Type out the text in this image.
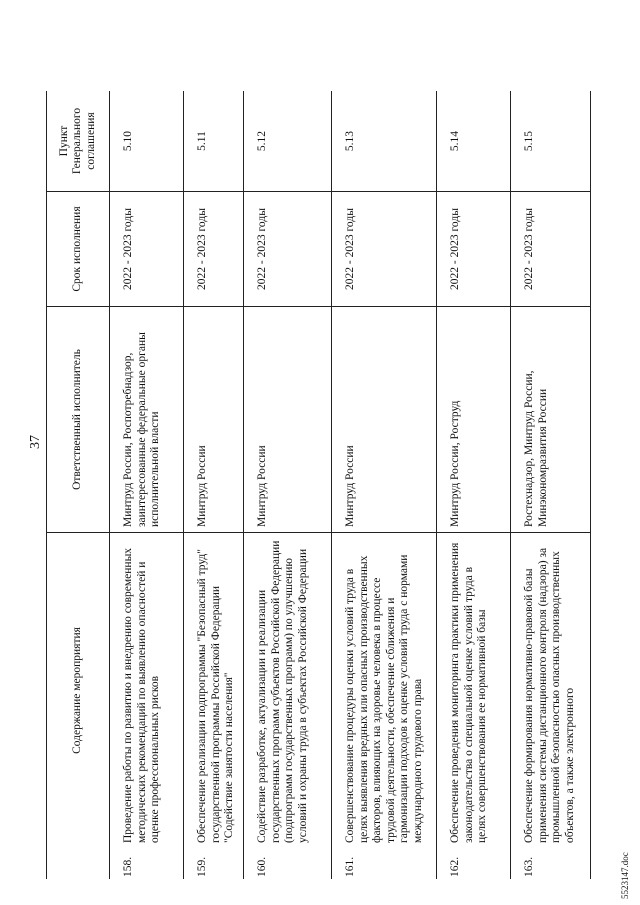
37
	Содержание мероприятия	Ответственный исполнитель	Срок исполнения	Пункт Генерального соглашения
158.	Проведение работы по развитию и внедрению современных методических рекомендаций по выявлению опасностей и оценке профессиональных рисков	Минтруд России, Роспотребнадзор, заинтересованные федеральные органы исполнительной власти	2022 - 2023 годы	5.10
159.	Обеспечение реализации подпрограммы "Безопасный труд" государственной программы Российской Федерации "Содействие занятости населения"	Минтруд России	2022 - 2023 годы	5.11
160.	Содействие разработке, актуализации и реализации государственных программ субъектов Российской Федерации (подпрограмм государственных программ) по улучшению условий и охраны труда в субъектах Российской Федерации	Минтруд России	2022 - 2023 годы	5.12
161.	Совершенствование процедуры оценки условий труда в целях выявления вредных или опасных производственных факторов, влияющих на здоровье человека в процессе трудовой деятельности, обеспечение сближения и гармонизации подходов к оценке условий труда с нормами международного трудового права	Минтруд России	2022 - 2023 годы	5.13
162.	Обеспечение проведения мониторинга практики применения законодательства о специальной оценке условий труда в целях совершенствования ее нормативной базы	Минтруд России, Роструд	2022 - 2023 годы	5.14
163.	Обеспечение формирования нормативно-правовой базы применения системы дистанционного контроля (надзора) за промышленной безопасностью опасных производственных объектов, а также электронного	Ростехнадзор, Минтруд России, Минэкономразвития России	2022 - 2023 годы	5.15
5523147.doc
